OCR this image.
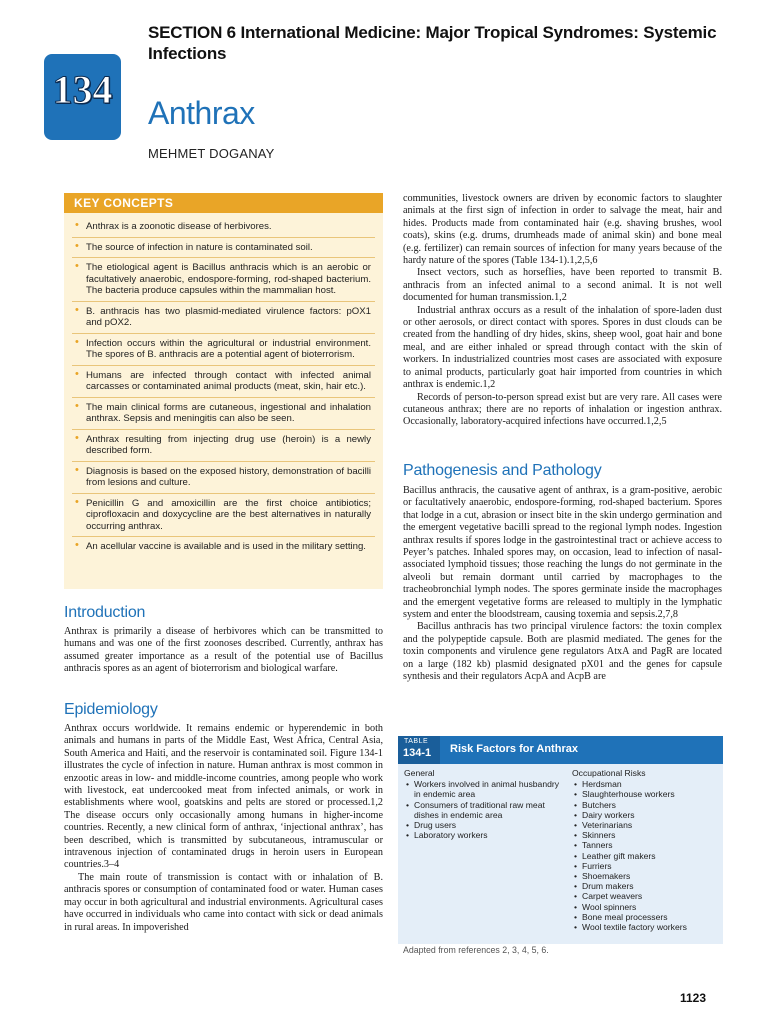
SECTION 6 International Medicine: Major Tropical Syndromes: Systemic Infections
134
Anthrax
MEHMET DOGANAY
KEY CONCEPTS
• Anthrax is a zoonotic disease of herbivores.
• The source of infection in nature is contaminated soil.
• The etiological agent is Bacillus anthracis which is an aerobic or facultatively anaerobic, endospore-forming, rod-shaped bacterium. The bacteria produce capsules within the mammalian host.
• B. anthracis has two plasmid-mediated virulence factors: pOX1 and pOX2.
• Infection occurs within the agricultural or industrial environment. The spores of B. anthracis are a potential agent of bioterrorism.
• Humans are infected through contact with infected animal carcasses or contaminated animal products (meat, skin, hair etc.).
• The main clinical forms are cutaneous, ingestional and inhalation anthrax. Sepsis and meningitis can also be seen.
• Anthrax resulting from injecting drug use (heroin) is a newly described form.
• Diagnosis is based on the exposed history, demonstration of bacilli from lesions and culture.
• Penicillin G and amoxicillin are the first choice antibiotics; ciprofloxacin and doxycycline are the best alternatives in naturally occurring anthrax.
• An acellular vaccine is available and is used in the military setting.
Introduction

Anthrax is primarily a disease of herbivores which can be transmitted to humans and was one of the first zoonoses described. Currently, anthrax has assumed greater importance as a result of the potential use of Bacillus anthracis spores as an agent of bioterrorism and biological warfare.

Epidemiology

Anthrax occurs worldwide. It remains endemic or hyperendemic in both animals and humans in parts of the Middle East, West Africa, Central Asia, South America and Haiti, and the reservoir is contaminated soil. Figure 134-1 illustrates the cycle of infection in nature. Human anthrax is most common in enzootic areas in low- and middle-income countries, among people who work with livestock, eat undercooked meat from infected animals, or work in establishments where wool, goatskins and pelts are stored or processed.1,2 The disease occurs only occasionally among humans in higher-income countries. Recently, a new clinical form of anthrax, ‘injectional anthrax’, has been described, which is transmitted by subcutaneous, intramuscular or intravenous injection of contaminated drugs in heroin users in European countries.3–4

The main route of transmission is contact with or inhalation of B. anthracis spores or consumption of contaminated food or water. Human cases may occur in both agricultural and industrial environments. Agricultural cases have occurred in individuals who came into contact with sick or dead animals in rural areas. In impoverished

communities, livestock owners are driven by economic factors to slaughter animals at the first sign of infection in order to salvage the meat, hair and hides. Products made from contaminated hair (e.g. shaving brushes, wool coats), skins (e.g. drums, drumheads made of animal skin) and bone meal (e.g. fertilizer) can remain sources of infection for many years because of the hardy nature of the spores (Table 134-1).1,2,5,6

Insect vectors, such as horseflies, have been reported to transmit B. anthracis from an infected animal to a second animal. It is not well documented for human transmission.1,2

Industrial anthrax occurs as a result of the inhalation of spore-laden dust or other aerosols, or direct contact with spores. Spores in dust clouds can be created from the handling of dry hides, skins, sheep wool, goat hair and bone meal, and are either inhaled or spread through contact with the skin of workers. In industrialized countries most cases are associated with exposure to animal products, particularly goat hair imported from countries in which anthrax is endemic.1,2

Records of person-to-person spread exist but are very rare. All cases were cutaneous anthrax; there are no reports of inhalation or ingestion anthrax. Occasionally, laboratory-acquired infections have occurred.1,2,5

Pathogenesis and Pathology

Bacillus anthracis, the causative agent of anthrax, is a gram-positive, aerobic or facultatively anaerobic, endospore-forming, rod-shaped bacterium. Spores that lodge in a cut, abrasion or insect bite in the skin undergo germination and the emergent vegetative bacilli spread to the regional lymph nodes. Ingestion anthrax results if spores lodge in the gastrointestinal tract or achieve access to Peyer’s patches. Inhaled spores may, on occasion, lead to infection of nasal-associated lymphoid tissues; those reaching the lungs do not germinate in the alveoli but remain dormant until carried by macrophages to the tracheobronchial lymph nodes. The spores germinate inside the macrophages and the emergent vegetative forms are released to multiply in the lymphatic system and enter the bloodstream, causing toxemia and sepsis.2,7,8

Bacillus anthracis has two principal virulence factors: the toxin complex and the polypeptide capsule. Both are plasmid mediated. The genes for the toxin components and virulence gene regulators AtxA and PagR are located on a large (182 kb) plasmid designated pX01 and the genes for capsule synthesis and their regulators AcpA and AcpB are

TABLE
134-1 Risk Factors for Anthrax
General
• Workers involved in animal husbandry in endemic area
• Consumers of traditional raw meat dishes in endemic area
• Drug users
• Laboratory workers
Occupational Risks
• Herdsman
• Slaughterhouse workers
• Butchers
• Dairy workers
• Veterinarians
• Skinners
• Tanners
• Leather gift makers
• Furriers
• Shoemakers
• Drum makers
• Carpet weavers
• Wool spinners
• Bone meal processers
• Wool textile factory workers
Adapted from references 2, 3, 4, 5, 6.
1123
